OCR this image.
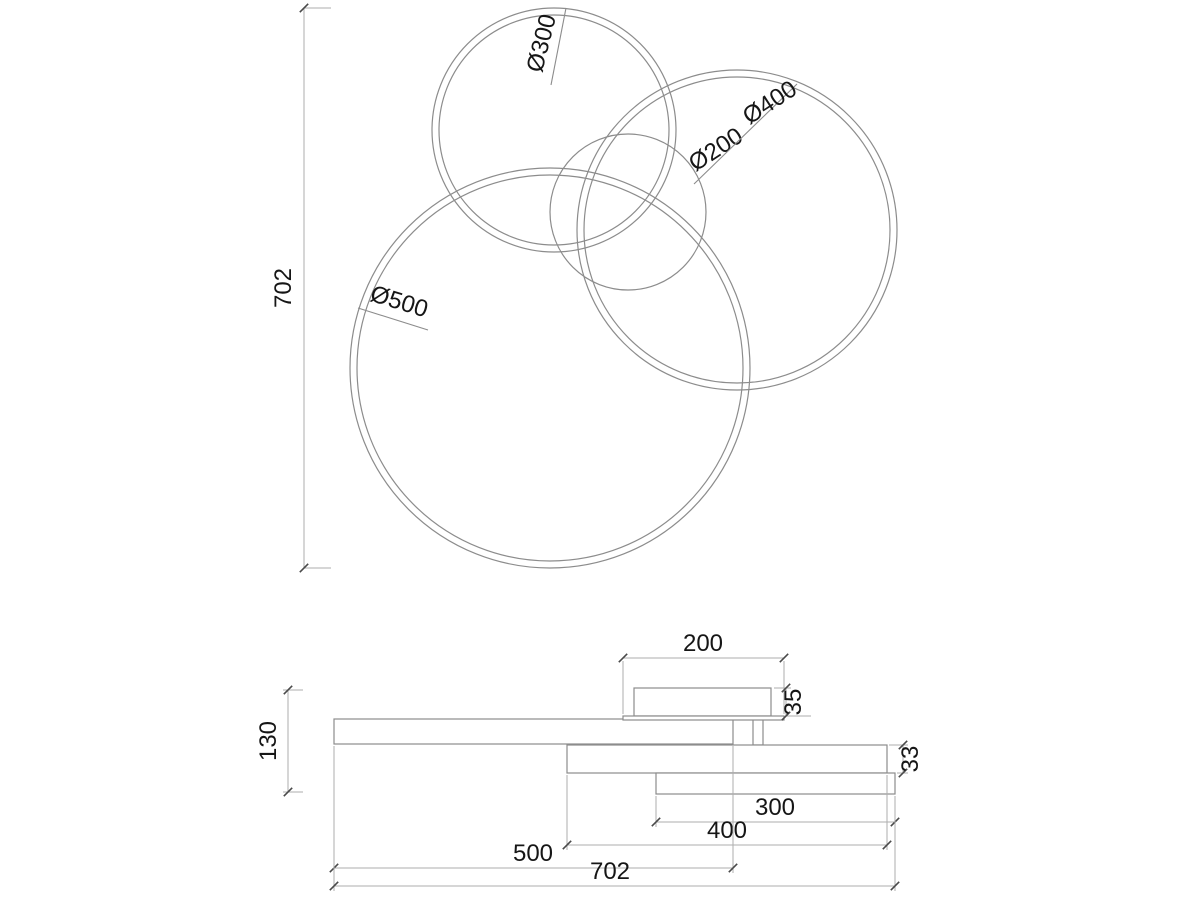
Ø300
Ø200
Ø400
Ø500
702
200
300
400
500
702
130
35
33
